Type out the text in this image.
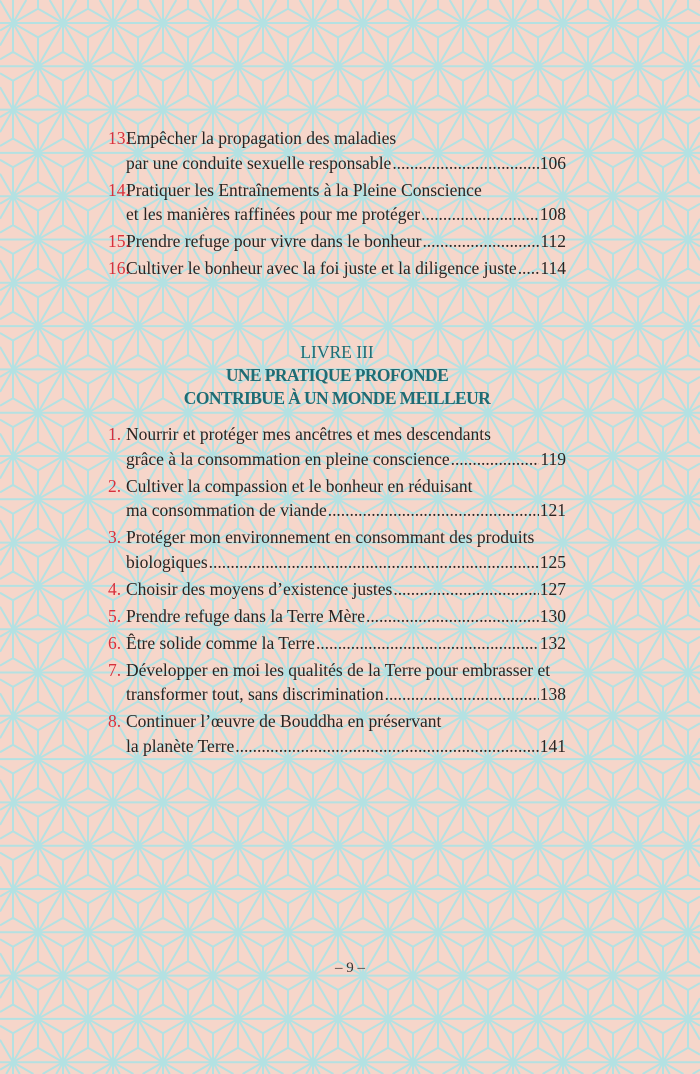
13.
Empêcher la propagation des maladies
par une conduite sexuelle responsable . . .	106
14.
Pratiquer les Entraînements à la Pleine Conscience
et les manières raffinées pour me protéger . . .	108
15.
Prendre refuge pour vivre dans le bonheur . . .	112
16.
Cultiver le bonheur avec la foi juste et la diligence juste . . . 114
LIVRE III
UNE PRATIQUE PROFONDE
CONTRIBUE À UN MONDE MEILLEUR
1. Nourrir et protéger mes ancêtres et mes descendants
grâce à la consommation en pleine conscience . . .	119
2. Cultiver la compassion et le bonheur en réduisant
ma consommation de viande . . .	121
3. Protéger mon environnement en consommant des produits
biologiques . . .	125
4. Choisir des moyens d’existence justes . . .	127
5. Prendre refuge dans la Terre Mère . . .	130
6. Être solide comme la Terre . . .	132
7. Développer en moi les qualités de la Terre pour embrasser et
transformer tout, sans discrimination . . .	138
8. Continuer l’œuvre de Bouddha en préservant
la planète Terre . . .	141
– 9 –
